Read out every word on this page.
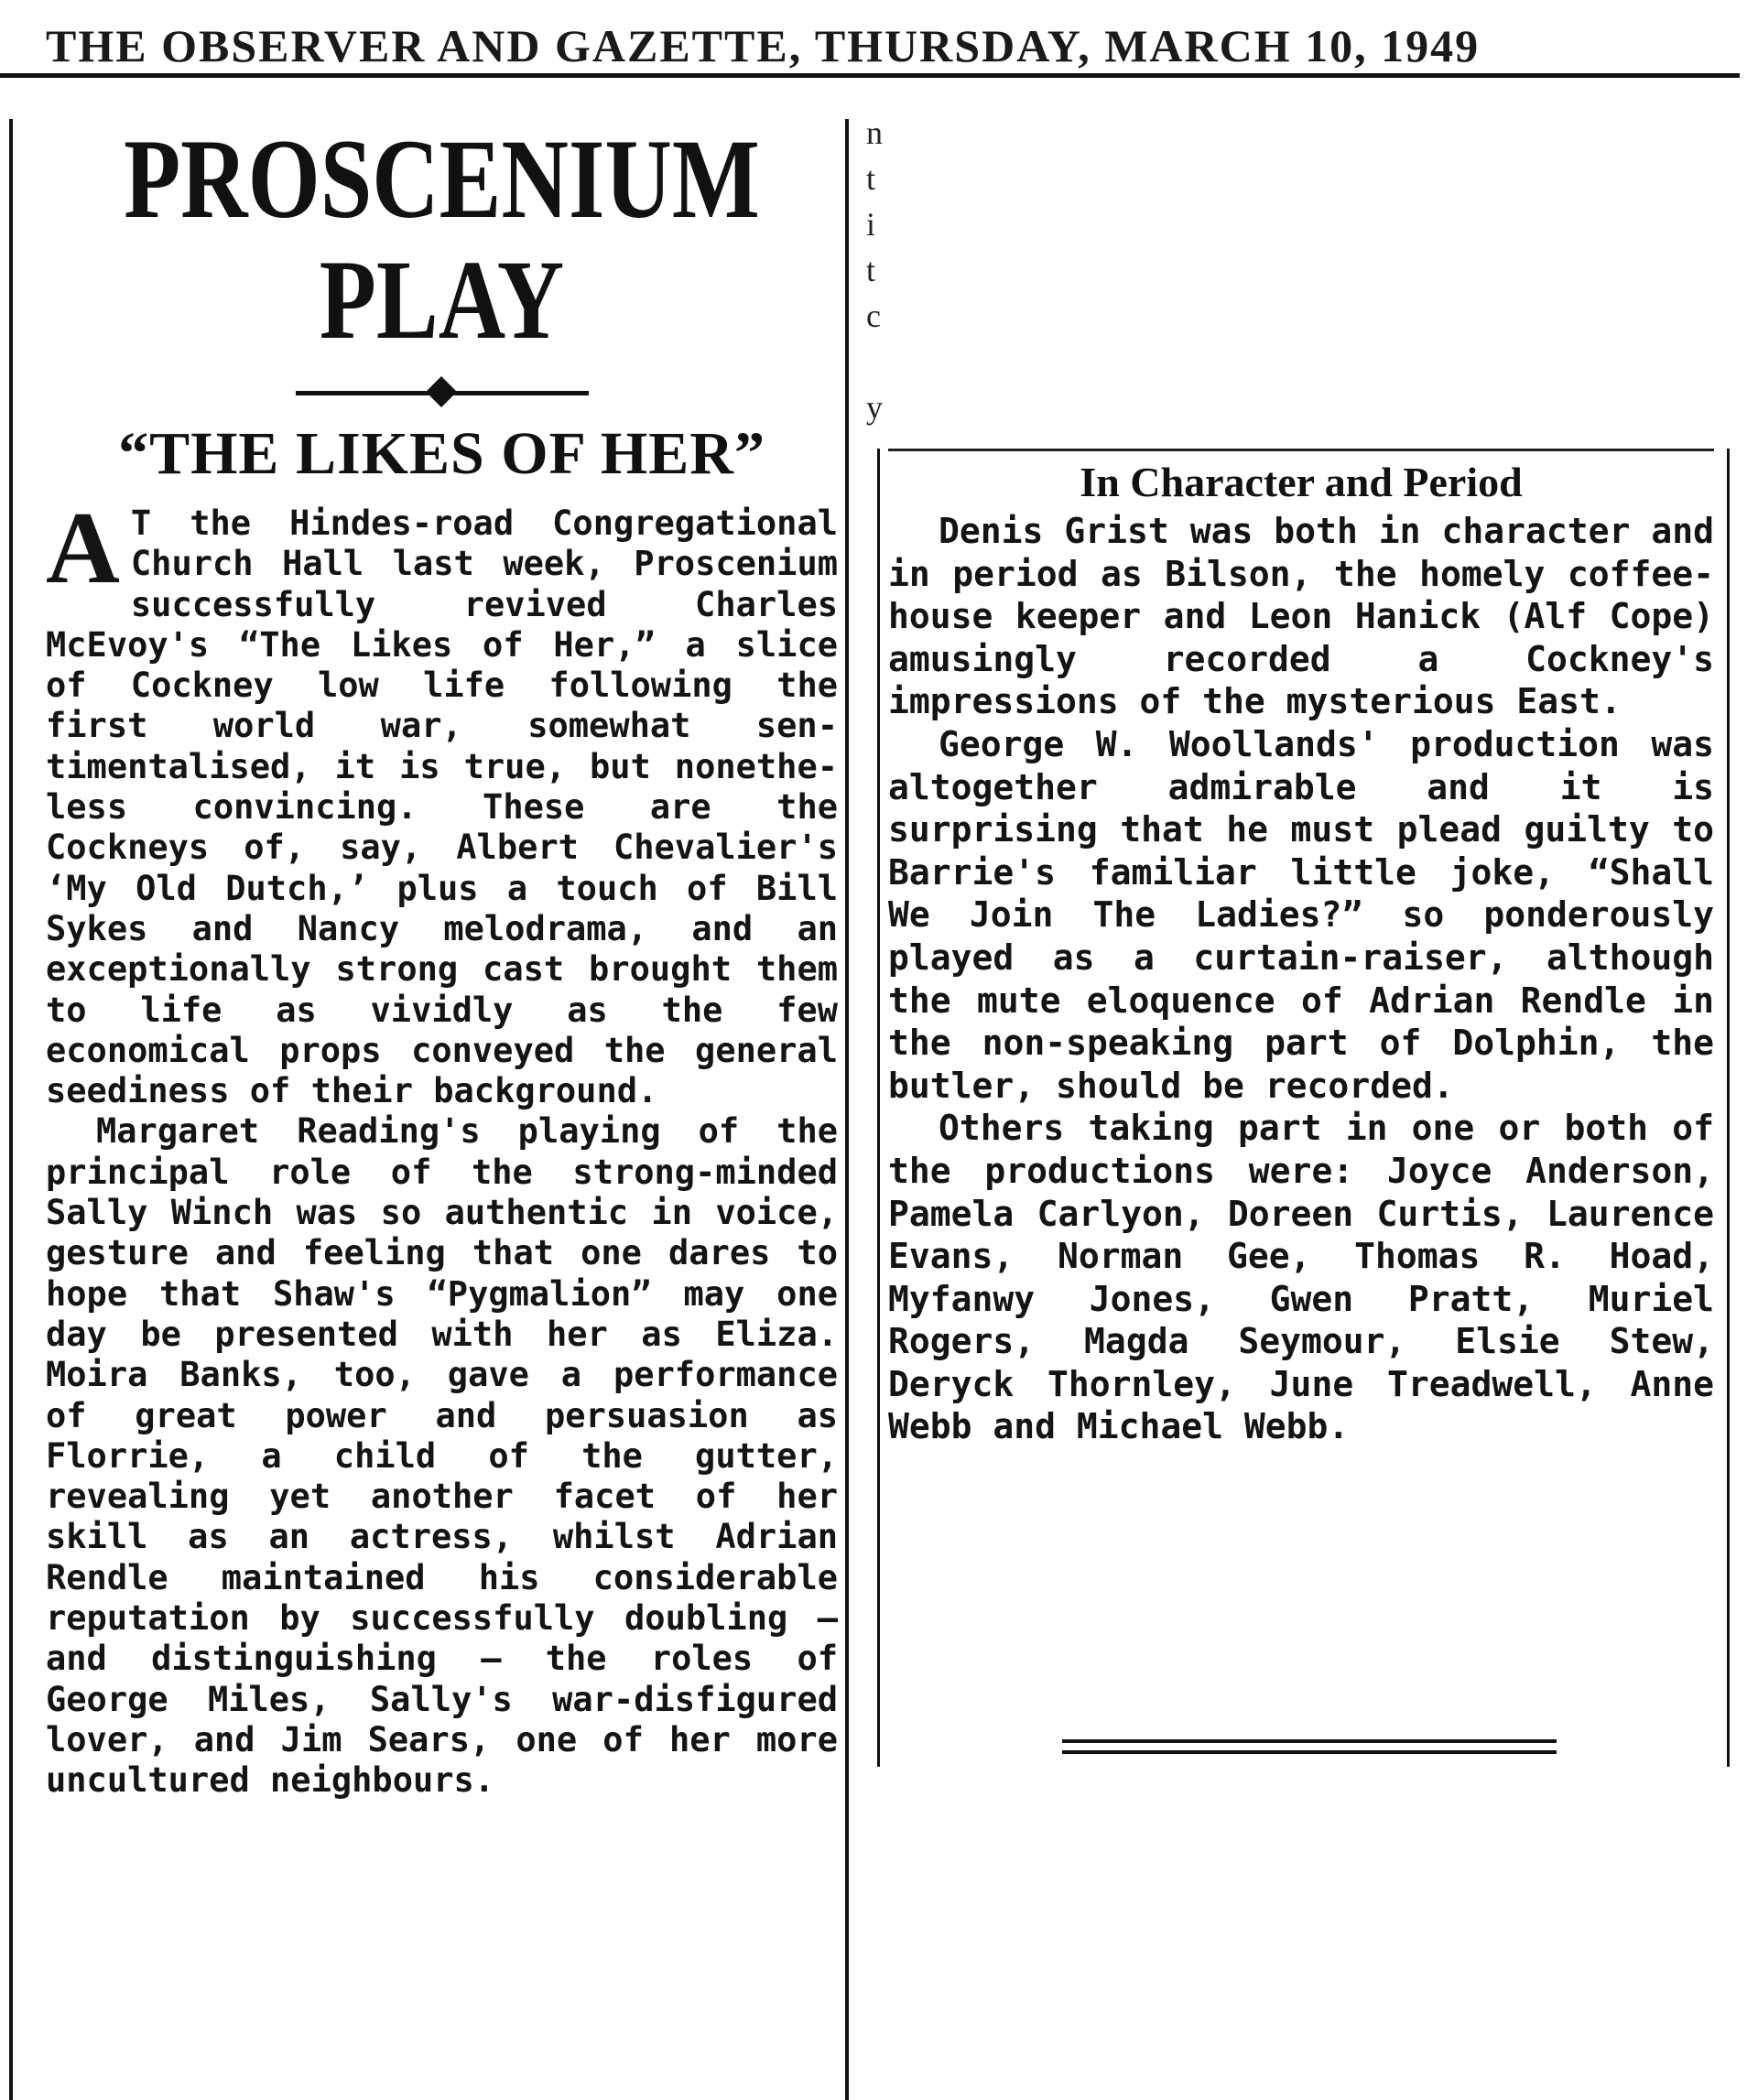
THE OBSERVER AND GAZETTE, THURSDAY, MARCH 10, 1949
n
t
i
t
c
y
PROSCENIUM
PLAY
“THE LIKES OF HER”

A T the Hindes-road Congregational Church Hall last week, Proscenium successfully revived Charles McEvoy's “The Likes of Her,” a slice of Cockney low life following the first world war, somewhat sentimentalised, it is true, but nonethe-less convincing. These are the Cockneys of, say, Albert Chevalier's ‘My Old Dutch,’ plus a touch of Bill Sykes and Nancy melodrama, and an exceptionally strong cast brought them to life as vividly as the few economical props conveyed the general seediness of their background.

Margaret Reading's playing of the principal role of the strong-minded Sally Winch was so authentic in voice, gesture and feeling that one dares to hope that Shaw's “Pygmalion” may one day be presented with her as Eliza. Moira Banks, too, gave a performance of great power and persuasion as Florrie, a child of the gutter, revealing yet another facet of her skill as an actress, whilst Adrian Rendle maintained his considerable reputation by successfully doubling — and distinguishing — the roles of George Miles, Sally's war-disfigured lover, and Jim Sears, one of her more uncultured neighbours.

In Character and Period

Denis Grist was both in character and in period as Bilson, the homely coffee-house keeper and Leon Hanick (Alf Cope) amusingly recorded a Cockney's impressions of the mysterious East.

George W. Woollands' production was altogether admirable and it is surprising that he must plead guilty to Barrie's familiar little joke, “Shall We Join The Ladies?” so ponderously played as a curtain-raiser, although the mute eloquence of Adrian Rendle in the non-speaking part of Dolphin, the butler, should be recorded.

Others taking part in one or both of the productions were: Joyce Anderson, Pamela Carlyon, Doreen Curtis, Laurence Evans, Norman Gee, Thomas R. Hoad, Myfanwy Jones, Gwen Pratt, Muriel Rogers, Magda Seymour, Elsie Stew, Deryck Thornley, June Treadwell, Anne Webb and Michael Webb.
